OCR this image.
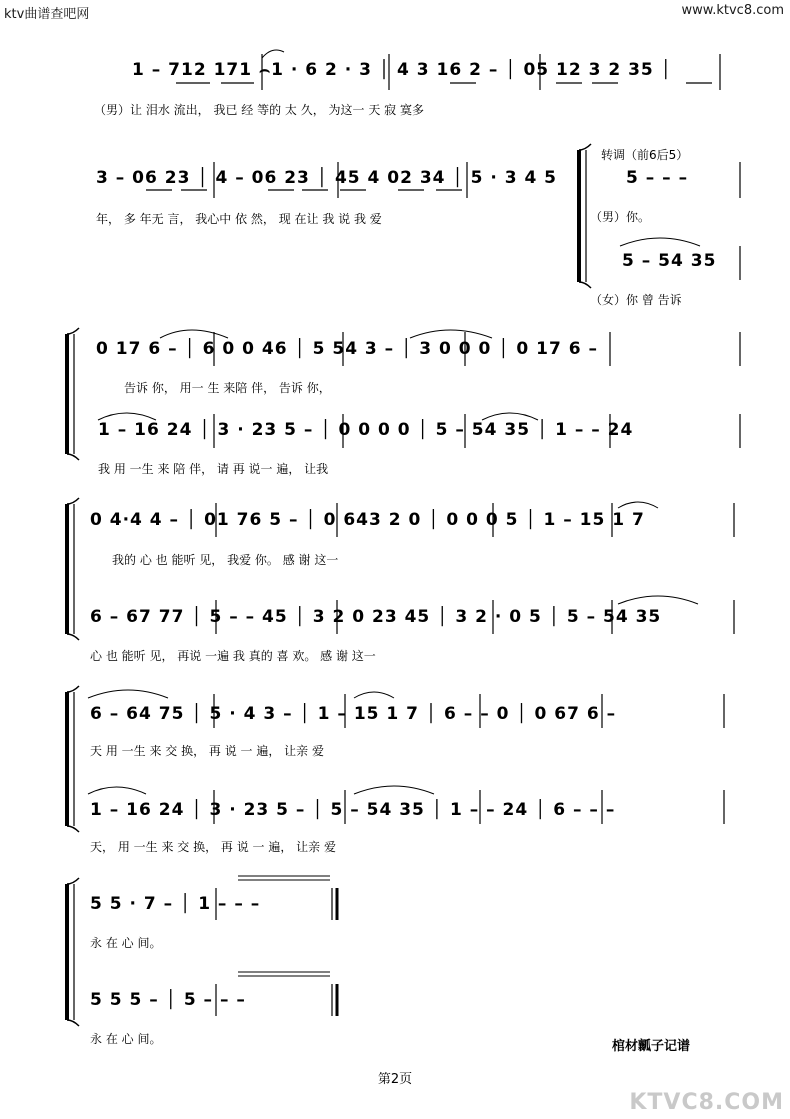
ktv曲谱查吧网	www.ktvc8.com
1 – 712 171 ⌢1 · 6 2 · 3 │ 4 3 16 2 – │ 05 12 3 2 35 │
（男）让 泪水 流出， 我已 经 等的 太 久， 为这一 天 寂 寞多
3 – 06 23 │ 4 – 06 23 │ 45 4 02 34 │ 5 · 3 4 5
年， 多 年无 言， 我心中 依 然， 现 在让 我 说 我 爱
转调（前6后5）
5 – – –
（男）你。
5 – 54 35
（女）你 曾 告诉
0 17 6 – │ 6 0 0 46 │ 5 54 3 – │ 3 0 0 0 │ 0 17 6 –
告诉 你， 用一 生 来陪 伴， 告诉 你，
1 – 16 24 │ 3 · 23 5 – │ 0 0 0 0 │ 5 – 54 35 │ 1 – – 24
我 用 一生 来 陪 伴， 请 再 说一 遍， 让我
0 4·4 4 – │ 01 76 5 – │ 0 643 2 0 │ 0 0 0 5 │ 1 – 15 1 7
我的 心 也 能听 见， 我爱 你。 感 谢 这一
6 – 67 77 │ 5 – – 45 │ 3 2 0 23 45 │ 3 2 · 0 5 │ 5 – 54 35
心 也 能听 见， 再说 一遍 我 真的 喜 欢。 感 谢 这一
6 – 64 75 │ 5 · 4 3 – │ 1 – 15 1 7 │ 6 – – 0 │ 0 67 6 –
天 用 一生 来 交 换， 再 说 一 遍， 让亲 爱
1 – 16 24 │ 3 · 23 5 – │ 5 – 54 35 │ 1 – – 24 │ 6 – – –
天， 用 一生 来 交 换， 再 说 一 遍， 让亲 爱
5 5 · 7 – │ 1 – – –
永 在 心 间。
5 5 5 – │ 5 – – –
永 在 心 间。	棺材瓤子记谱
第2页
KTVC8.COM
